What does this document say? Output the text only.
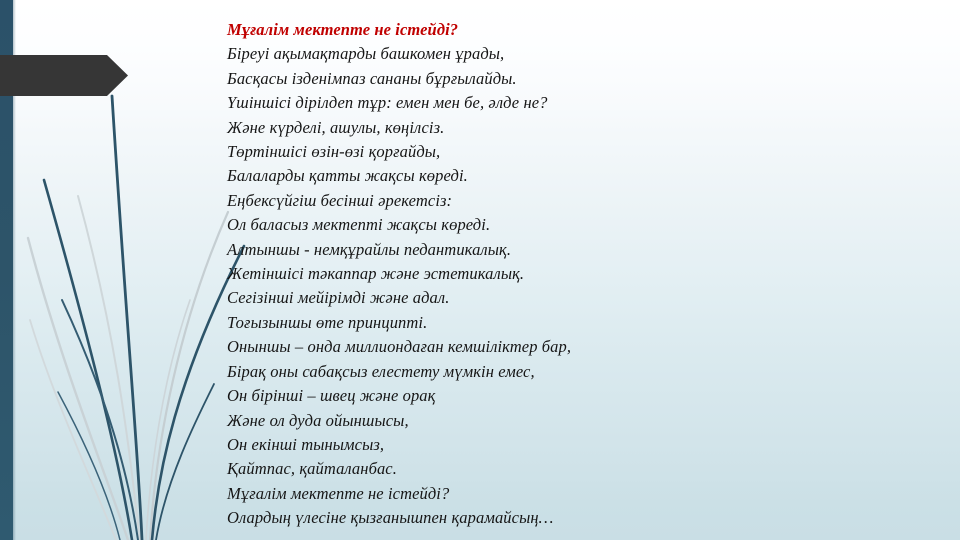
Мұғалім мектепте не істейді?
Біреуі ақымақтарды башкомен ұрады,
Басқасы ізденімпаз сананы бұрғылайды.
Үшіншісі дірілдеп тұр: емен мен бе, әлде не?
Және күрделі, ашулы, көңілсіз.
Төртіншісі өзін-өзі қорғайды,
Балаларды қатты жақсы көреді.
Еңбексүйгіш бесінші әрекетсіз:
Ол баласыз мектепті жақсы көреді.
Алтыншы - немқұрайлы педантикалық.
Жетіншісі тәкаппар және эстетикалық.
Сегізінші мейірімді және адал.
Тоғызыншы өте принципті.
Оныншы – онда миллиондаған кемшіліктер бар,
Бірақ оны сабақсыз елестету мүмкін емес,
Он бірінші – швец және орақ
Және ол дуда ойыншысы,
Он екінші тынымсыз,
Қайтпас, қайталанбас.
Мұғалім мектепте не істейді?
Олардың үлесіне қызғанышпен қарамайсың…
